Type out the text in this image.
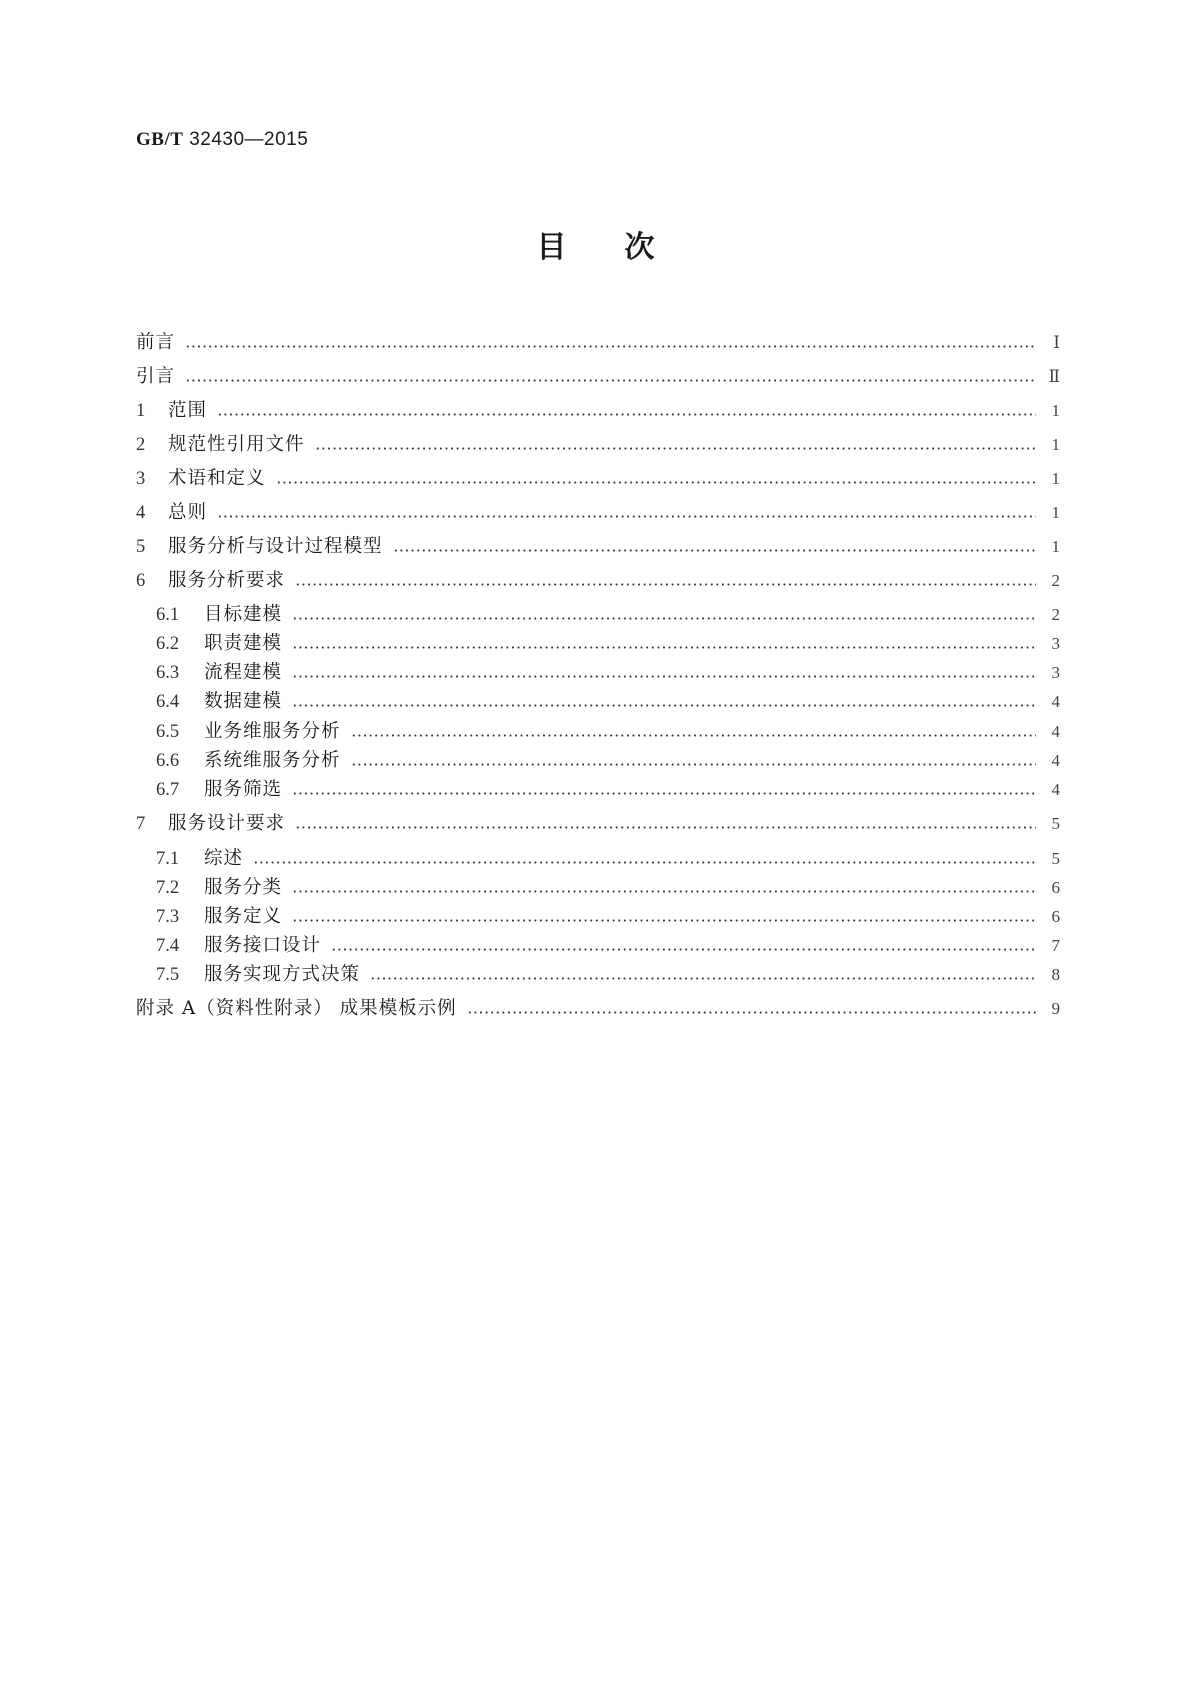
GB/T 32430—2015
目次
前言	Ⅰ
引言	Ⅱ
1	范围	1
2	规范性引用文件	1
3	术语和定义	1
4	总则	1
5	服务分析与设计过程模型	1
6	服务分析要求	2
6.1	目标建模	2
6.2	职责建模	3
6.3	流程建模	3
6.4	数据建模	4
6.5	业务维服务分析	4
6.6	系统维服务分析	4
6.7	服务筛选	4
7	服务设计要求	5
7.1	综述	5
7.2	服务分类	6
7.3	服务定义	6
7.4	服务接口设计	7
7.5	服务实现方式决策	8
附录 A（资料性附录） 成果模板示例	9
